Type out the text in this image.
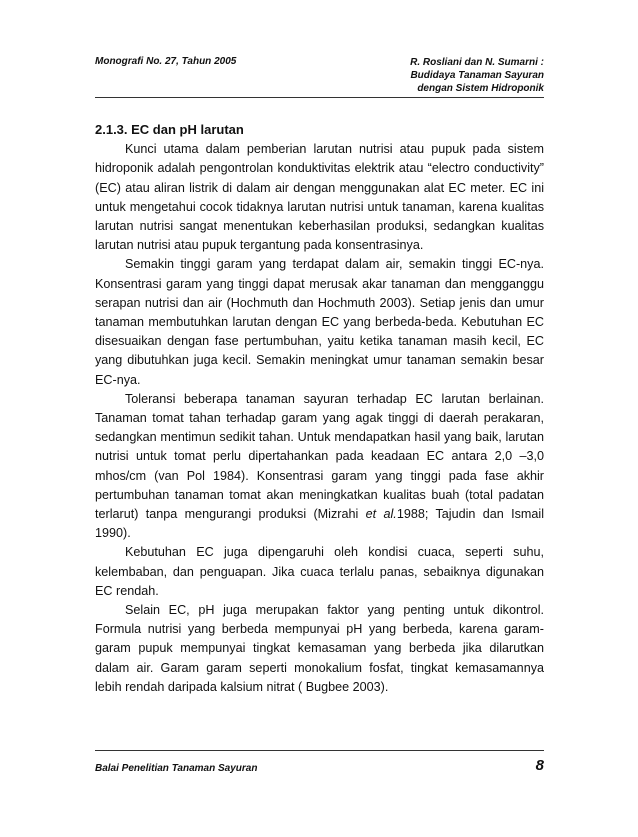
Monografi No. 27, Tahun 2005	R. Rosliani dan N. Sumarni :
Budidaya Tanaman Sayuran
dengan Sistem Hidroponik
2.1.3. EC dan pH larutan

Kunci utama dalam pemberian larutan nutrisi atau pupuk pada sistem hidroponik adalah pengontrolan konduktivitas elektrik atau “electro conductivity” (EC) atau aliran listrik di dalam air dengan menggunakan alat EC meter. EC ini untuk mengetahui cocok tidaknya larutan nutrisi untuk tanaman, karena kualitas larutan nutrisi sangat menentukan keberhasilan produksi, sedangkan kualitas larutan nutrisi atau pupuk tergantung pada konsentrasinya.

Semakin tinggi garam yang terdapat dalam air, semakin tinggi EC-nya. Konsentrasi garam yang tinggi dapat merusak akar tanaman dan mengganggu serapan nutrisi dan air (Hochmuth dan Hochmuth 2003). Setiap jenis dan umur tanaman membutuhkan larutan dengan EC yang berbeda-beda. Kebutuhan EC disesuaikan dengan fase pertumbuhan, yaitu ketika tanaman masih kecil, EC yang dibutuhkan juga kecil. Semakin meningkat umur tanaman semakin besar EC-nya.

Toleransi beberapa tanaman sayuran terhadap EC larutan berlainan. Tanaman tomat tahan terhadap garam yang agak tinggi di daerah perakaran, sedangkan mentimun sedikit tahan. Untuk mendapatkan hasil yang baik, larutan nutrisi untuk tomat perlu dipertahankan pada keadaan EC antara 2,0 –3,0 mhos/cm (van Pol 1984). Konsentrasi garam yang tinggi pada fase akhir pertumbuhan tanaman tomat akan meningkatkan kualitas buah (total padatan terlarut) tanpa mengurangi produksi (Mizrahi et al.1988; Tajudin dan Ismail 1990).

Kebutuhan EC juga dipengaruhi oleh kondisi cuaca, seperti suhu, kelembaban, dan penguapan. Jika cuaca terlalu panas, sebaiknya digunakan EC rendah.

Selain EC, pH juga merupakan faktor yang penting untuk dikontrol. Formula nutrisi yang berbeda mempunyai pH yang berbeda, karena garam-garam pupuk mempunyai tingkat kemasaman yang berbeda jika dilarutkan dalam air. Garam garam seperti monokalium fosfat, tingkat kemasamannya lebih rendah daripada kalsium nitrat ( Bugbee 2003).

Balai Penelitian Tanaman Sayuran	8
